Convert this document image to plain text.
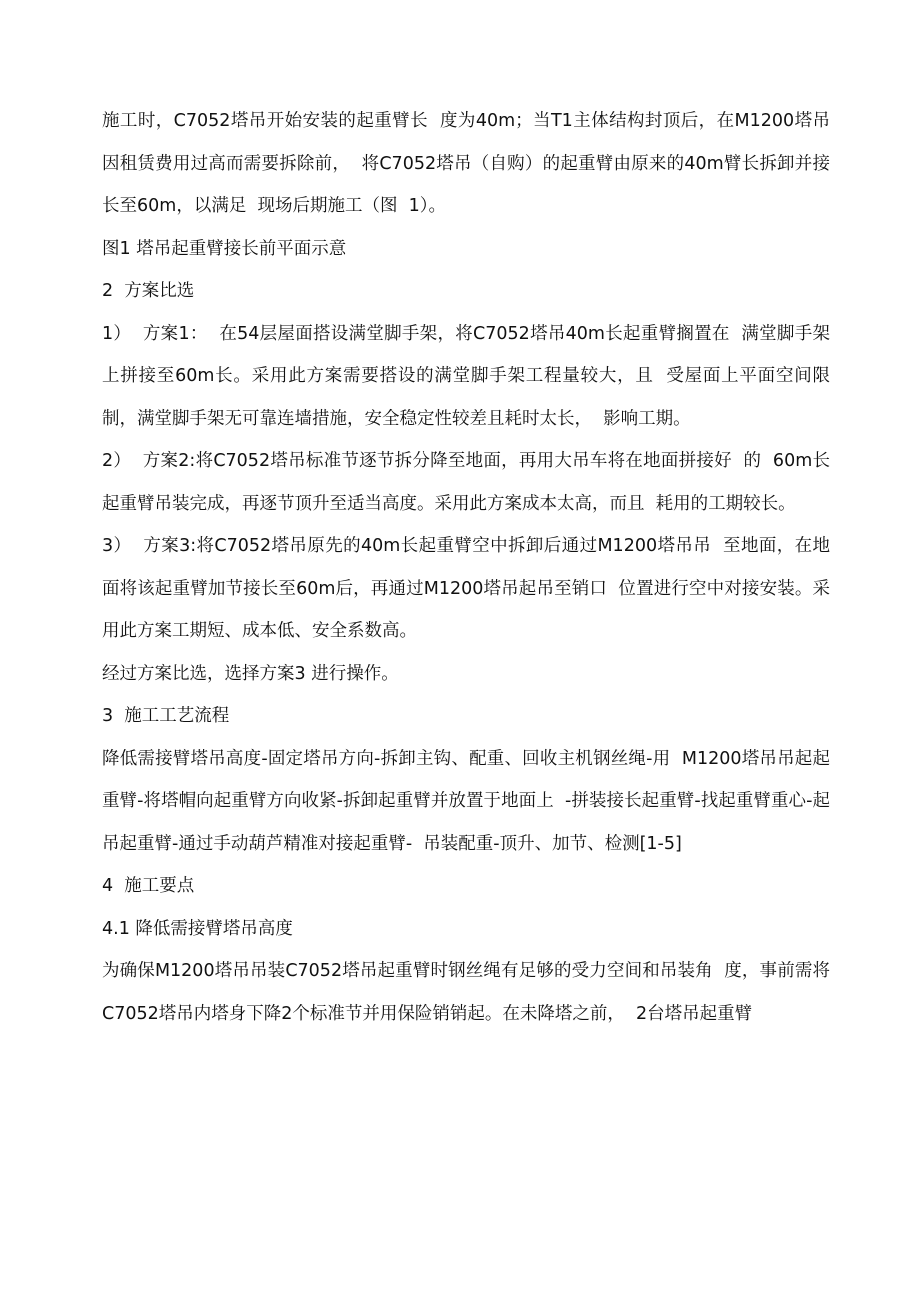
施工时，C7052塔吊开始安装的起重臂长  度为40m；当T1主体结构封顶后，在M1200塔吊因租赁费用过高而需要拆除前，  将C7052塔吊（自购）的起重臂由原来的40m臂长拆卸并接长至60m，以满足  现场后期施工（图  1）。

图1 塔吊起重臂接长前平面示意

2  方案比选

1）  方案1：  在54层屋面搭设满堂脚手架，将C7052塔吊40m长起重臂搁置在  满堂脚手架上拼接至60m长。采用此方案需要搭设的满堂脚手架工程量较大，且  受屋面上平面空间限制，满堂脚手架无可靠连墙措施，安全稳定性较差且耗时太长，  影响工期。

2）  方案2:将C7052塔吊标准节逐节拆分降至地面，再用大吊车将在地面拼接好  的  60m长起重臂吊装完成，再逐节顶升至适当高度。采用此方案成本太高，而且  耗用的工期较长。

3）  方案3:将C7052塔吊原先的40m长起重臂空中拆卸后通过M1200塔吊吊  至地面，在地面将该起重臂加节接长至60m后，再通过M1200塔吊起吊至销口  位置进行空中对接安装。采用此方案工期短、成本低、安全系数高。

经过方案比选，选择方案3 进行操作。

3  施工工艺流程

降低需接臂塔吊高度-固定塔吊方向-拆卸主钩、配重、回收主机钢丝绳-用  M1200塔吊吊起起重臂-将塔帽向起重臂方向收紧-拆卸起重臂并放置于地面上  -拼装接长起重臂-找起重臂重心-起吊起重臂-通过手动葫芦精准对接起重臂-  吊装配重-顶升、加节、检测[1-5]

4  施工要点

4.1 降低需接臂塔吊高度

为确保M1200塔吊吊装C7052塔吊起重臂时钢丝绳有足够的受力空间和吊装角  度，事前需将C7052塔吊内塔身下降2个标准节并用保险销销起。在未降塔之前，  2台塔吊起重臂
